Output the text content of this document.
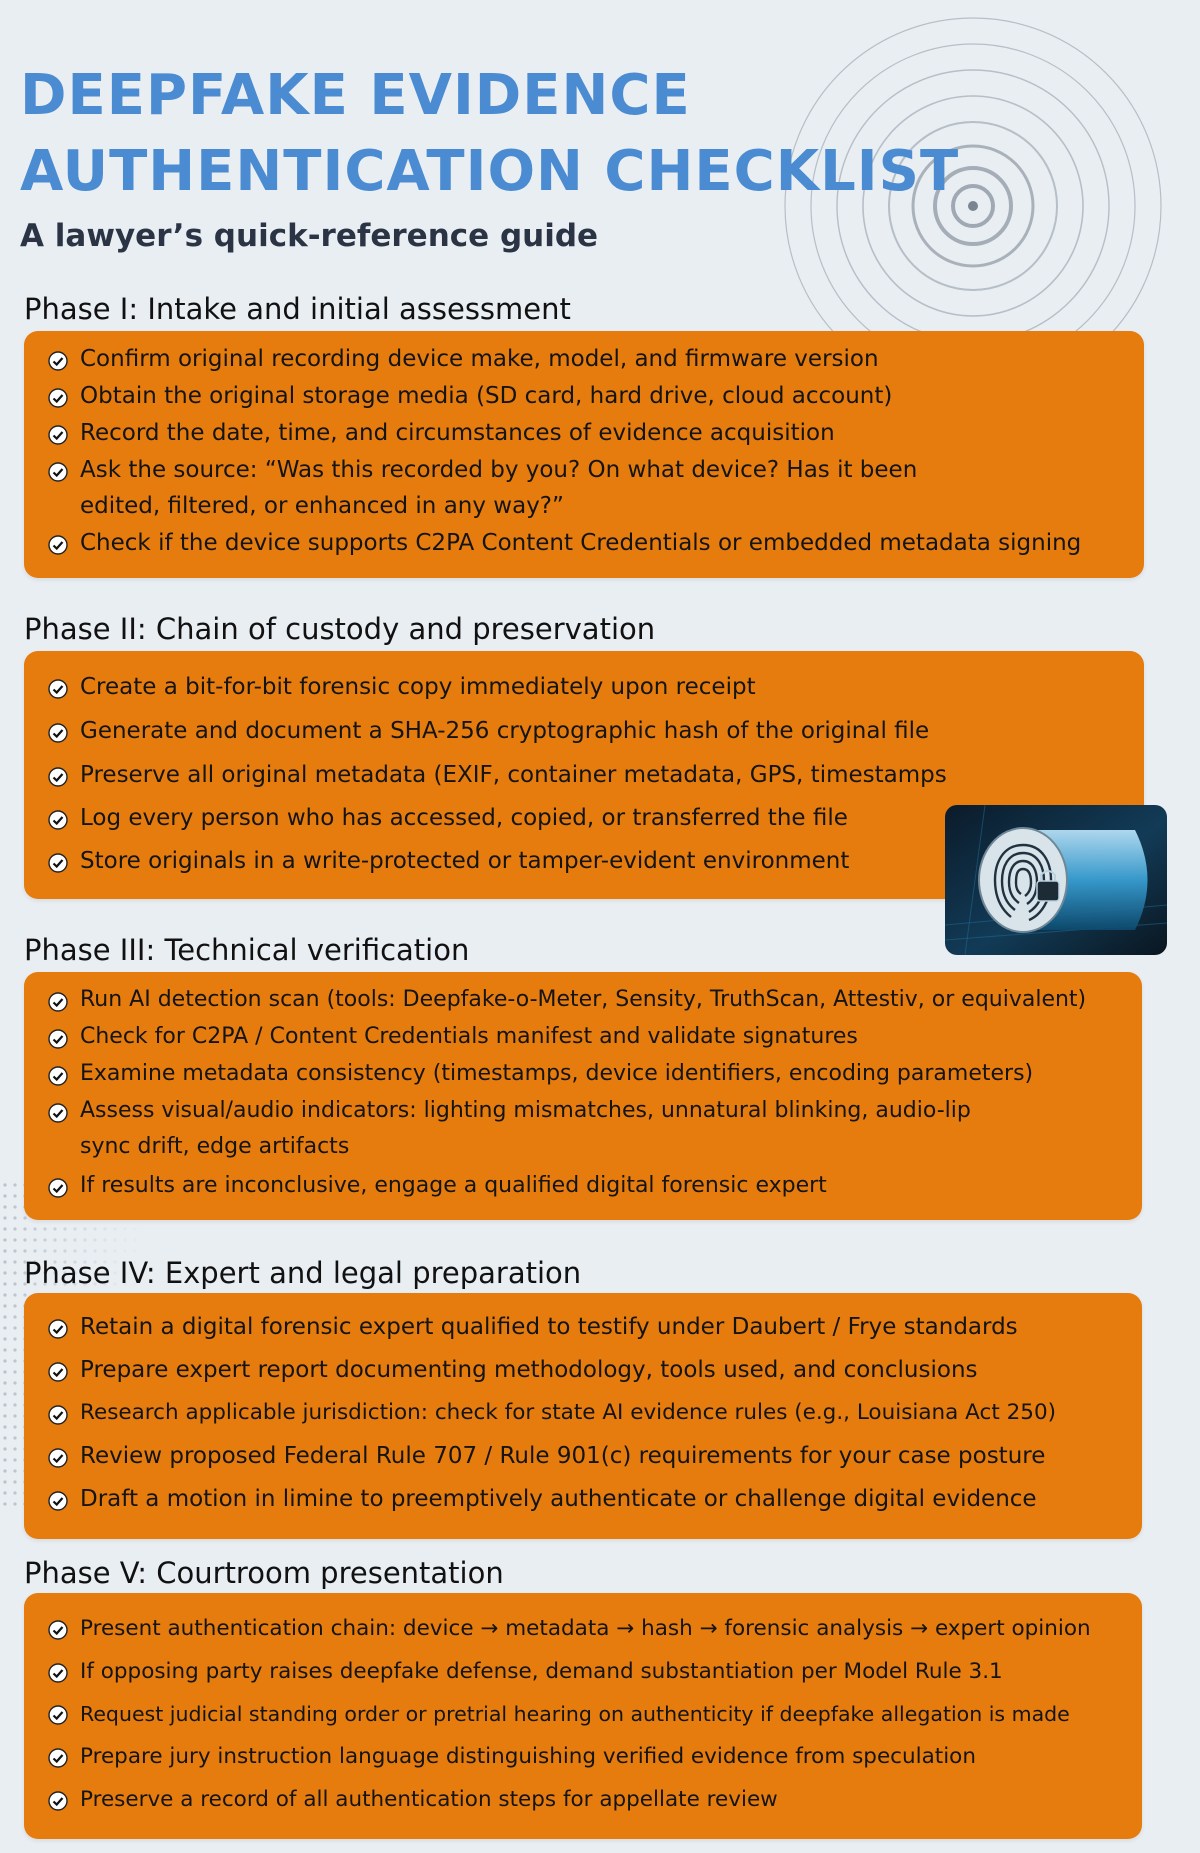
DEEPFAKE EVIDENCE AUTHENTICATION CHECKLIST
A lawyer’s quick-reference guide
Phase I: Intake and initial assessment
Confirm original recording device make, model, and firmware version
Obtain the original storage media (SD card, hard drive, cloud account)
Record the date, time, and circumstances of evidence acquisition
Ask the source: “Was this recorded by you? On what device? Has it been edited, filtered, or enhanced in any way?”
Check if the device supports C2PA Content Credentials or embedded metadata signing
Phase II: Chain of custody and preservation
Create a bit-for-bit forensic copy immediately upon receipt
Generate and document a SHA-256 cryptographic hash of the original file
Preserve all original metadata (EXIF, container metadata, GPS, timestamps
Log every person who has accessed, copied, or transferred the file
Store originals in a write-protected or tamper-evident environment
Phase III: Technical verification
Run AI detection scan (tools: Deepfake-o-Meter, Sensity, TruthScan, Attestiv, or equivalent)
Check for C2PA / Content Credentials manifest and validate signatures
Examine metadata consistency (timestamps, device identifiers, encoding parameters)
Assess visual/audio indicators: lighting mismatches, unnatural blinking, audio-lip sync drift, edge artifacts
If results are inconclusive, engage a qualified digital forensic expert
Phase IV: Expert and legal preparation
Retain a digital forensic expert qualified to testify under Daubert / Frye standards
Prepare expert report documenting methodology, tools used, and conclusions
Research applicable jurisdiction: check for state AI evidence rules (e.g., Louisiana Act 250)
Review proposed Federal Rule 707 / Rule 901(c) requirements for your case posture
Draft a motion in limine to preemptively authenticate or challenge digital evidence
Phase V: Courtroom presentation
Present authentication chain: device → metadata → hash → forensic analysis → expert opinion
If opposing party raises deepfake defense, demand substantiation per Model Rule 3.1
Request judicial standing order or pretrial hearing on authenticity if deepfake allegation is made
Prepare jury instruction language distinguishing verified evidence from speculation
Preserve a record of all authentication steps for appellate review
